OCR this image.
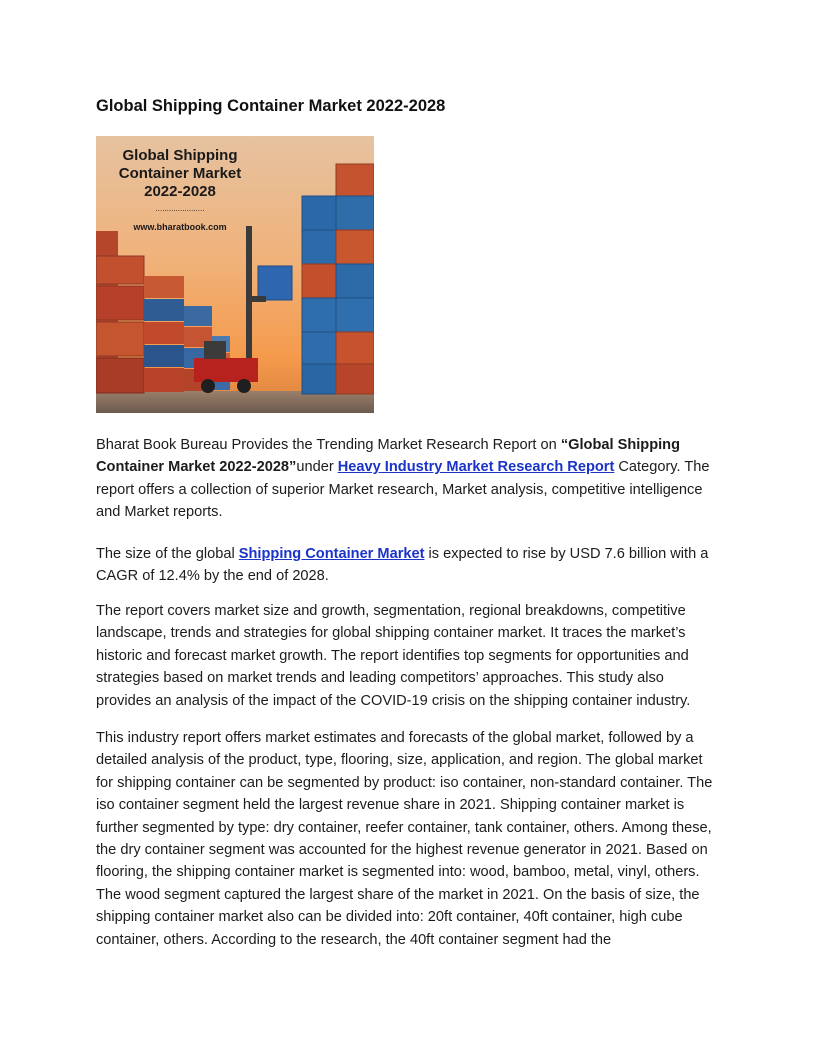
Global Shipping Container Market 2022-2028
Global Shipping
Container Market
2022-2028
......................
www.bharatbook.com

Bharat Book Bureau Provides the Trending Market Research Report on “Global Shipping Container Market 2022-2028”under Heavy Industry Market Research Report Category. The report offers a collection of superior Market research, Market analysis, competitive intelligence and Market reports.

The size of the global Shipping Container Market is expected to rise by USD 7.6 billion with a CAGR of 12.4% by the end of 2028.

The report covers market size and growth, segmentation, regional breakdowns, competitive landscape, trends and strategies for global shipping container market. It traces the market’s historic and forecast market growth. The report identifies top segments for opportunities and strategies based on market trends and leading competitors’ approaches. This study also provides an analysis of the impact of the COVID-19 crisis on the shipping container industry.

This industry report offers market estimates and forecasts of the global market, followed by a detailed analysis of the product, type, flooring, size, application, and region. The global market for shipping container can be segmented by product: iso container, non-standard container. The iso container segment held the largest revenue share in 2021. Shipping container market is further segmented by type: dry container, reefer container, tank container, others. Among these, the dry container segment was accounted for the highest revenue generator in 2021. Based on flooring, the shipping container market is segmented into: wood, bamboo, metal, vinyl, others. The wood segment captured the largest share of the market in 2021. On the basis of size, the shipping container market also can be divided into: 20ft container, 40ft container, high cube container, others. According to the research, the 40ft container segment had the
